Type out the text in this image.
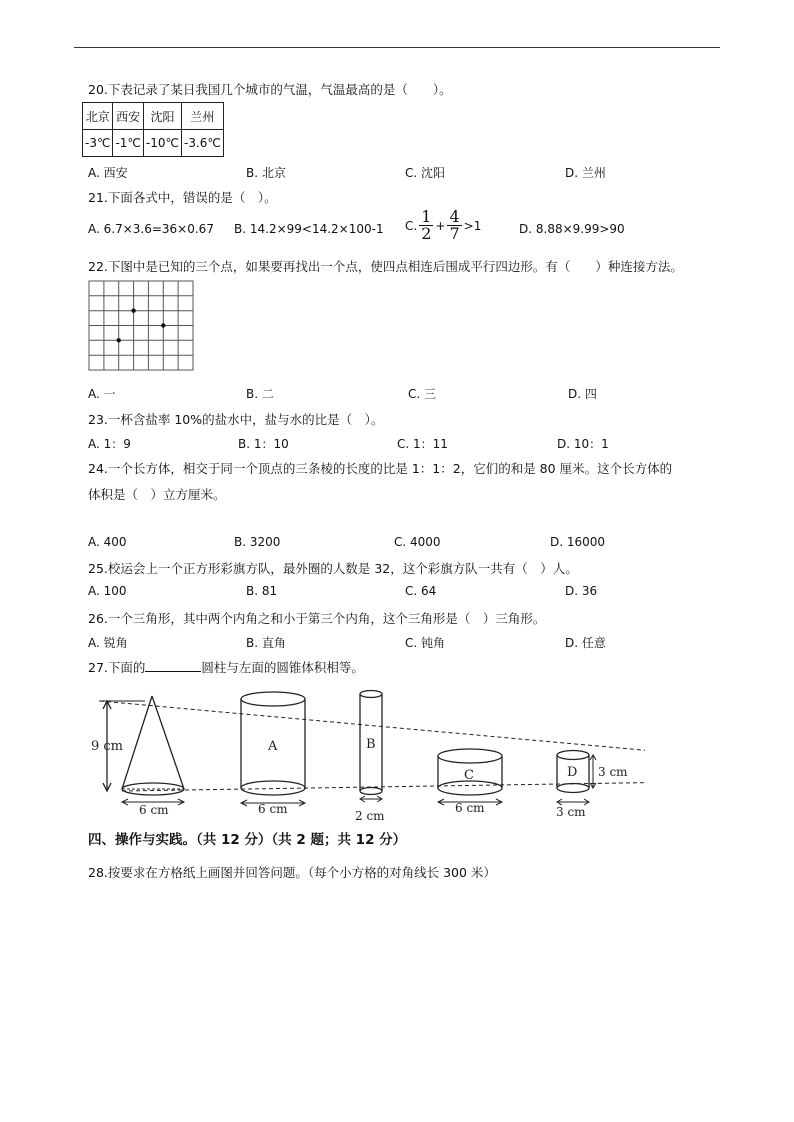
20.下表记录了某日我国几个城市的气温，气温最高的是（　　）。
北京	西安	沈阳	兰州
-3℃	-1℃	-10℃	-3.6℃
A. 西安	B. 北京	C. 沈阳	D. 兰州
21.下面各式中，错误的是（　）。
A. 6.7×3.6=36×0.67 B. 14.2×99<14.2×100-1 C. $\frac{1}{2} + \frac{4}{7} >1$	D. 8.88×9.99>90
22.下图中是已知的三个点，如果要再找出一个点，使四点相连后围成平行四边形。有（　　）种连接方法。
A. 一	B. 二	C. 三	D. 四
23.一杯含盐率 10%的盐水中，盐与水的比是（　）。
A. 1：9	B. 1：10	C. 1：11	D. 10：1
24.一个长方体，相交于同一个顶点的三条棱的长度的比是 1：1：2，它们的和是 80 厘米。这个长方体的
体积是（　）立方厘米。
A. 400	B. 3200	C. 4000	D. 16000
25.校运会上一个正方形彩旗方队，最外圈的人数是 32，这个彩旗方队一共有（　）人。
A. 100	B. 81	C. 64	D. 36
26.一个三角形，其中两个内角之和小于第三个内角，这个三角形是（　）三角形。
A. 锐角	B. 直角	C. 钝角	D. 任意
27.下面的	圆柱与左面的圆锥体积相等。
9 cm
6 cm
A
6 cm
B
2 cm
C
6 cm
D
3 cm
3 cm
四、操作与实践。（共 12 分）（共 2 题；共 12 分）
28.按要求在方格纸上画图并回答问题。（每个小方格的对角线长 300 米）
